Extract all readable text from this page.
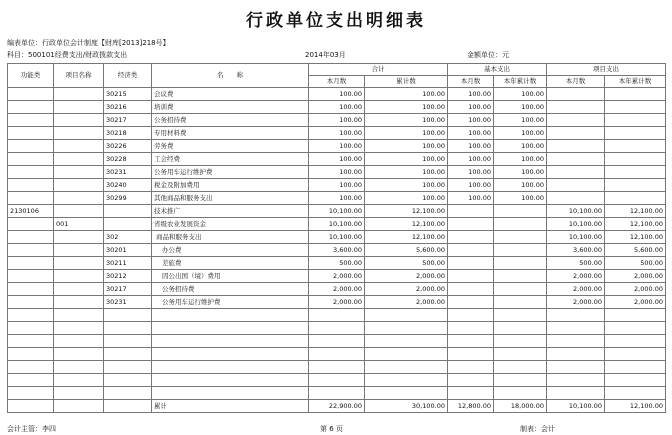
行政单位支出明细表
编表单位：行政单位会计制度【财库[2013]218号】
科目：500101经费支出/财政拨款支出	2014年03月	金额单位：元
功能类	项目名称	经济类	名　　称	合计		基本支出		项目支出	
				本月数	累计数	本月数	本年累计数	本月数	本年累计数
		30215	会议费	100.00	100.00	100.00	100.00		
		30216	培训费	100.00	100.00	100.00	100.00		
		30217	公务招待费	100.00	100.00	100.00	100.00		
		30218	专用材料费	100.00	100.00	100.00	100.00		
		30226	劳务费	100.00	100.00	100.00	100.00		
		30228	工会经费	100.00	100.00	100.00	100.00		
		30231	公务用车运行维护费	100.00	100.00	100.00	100.00		
		30240	税金及附加费用	100.00	100.00	100.00	100.00		
		30299	其他商品和服务支出	100.00	100.00	100.00	100.00		
2130106			技术推广	10,100.00	12,100.00			10,100.00	12,100.00
	001		省级农业发展资金	10,100.00	12,100.00			10,100.00	12,100.00
		302	商品和服务支出	10,100.00	12,100.00			10,100.00	12,100.00
		30201	办公费	3,600.00	5,600.00			3,600.00	5,600.00
		30211	差旅费	500.00	500.00			500.00	500.00
		30212	因公出国（境）费用	2,000.00	2,000.00			2,000.00	2,000.00
		30217	公务招待费	2,000.00	2,000.00			2,000.00	2,000.00
		30231	公务用车运行维护费	2,000.00	2,000.00			2,000.00	2,000.00

			累计	22,900.00	30,100.00	12,800.00	18,000.00	10,100.00	12,100.00
会计主管：李四	第 6 页	制表：会计
